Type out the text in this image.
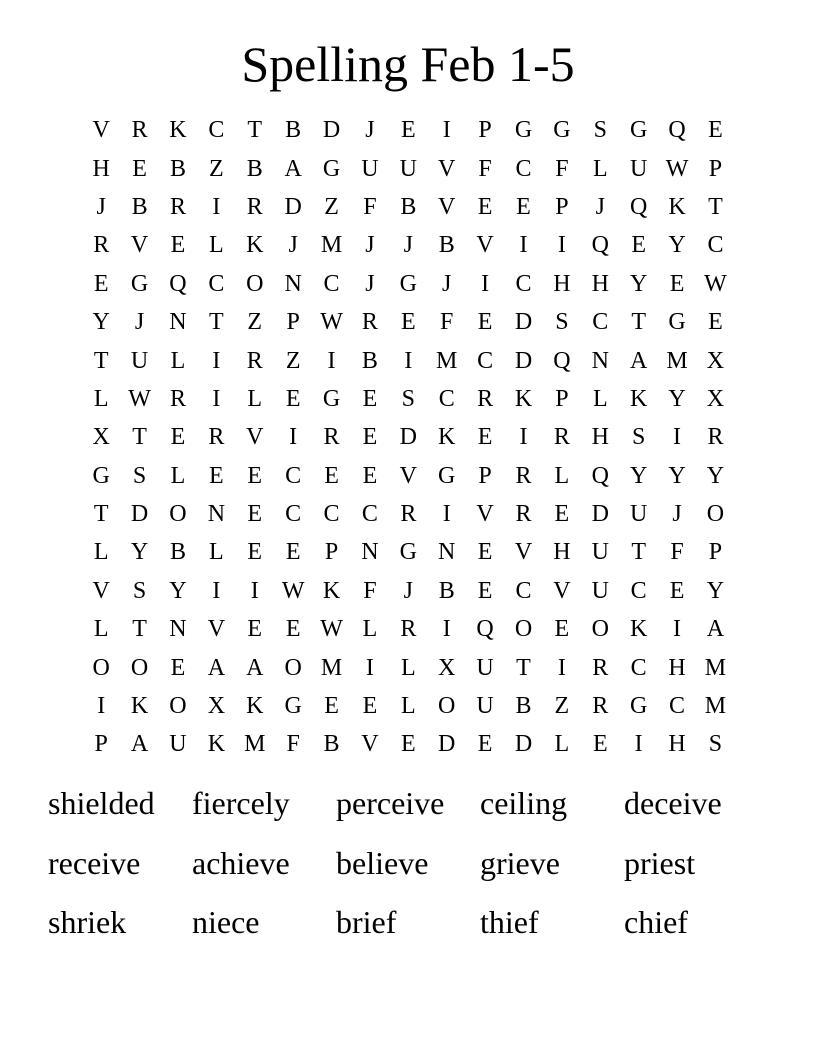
Spelling Feb 1-5
V R K C T B D	J	E	I	P G G S G Q E
H E B Z B A G U U V F C F	L U W P
J	B R	I	R D Z	F B V E E	P	J	Q K T
R V E L K	J M J	J	B V	I	I	Q E Y C
E G Q C O N C	J	G	J	I	C H H Y E W
Y	J	N T Z	P W R E	F	E D S C T G E
T U L	I	R Z	I	B	I M C D Q N A M X
L W R	I	L E G E	S C R K P	L K Y X
X T E R V	I	R E D K E	I	R H S	I	R
G S	L E E C E E V G P R L Q Y Y Y
T D O N E C C C R	I	V R E D U	J	O
L Y B L E E	P N G N E V H U T	F	P
V S Y	I	I W K F	J	B E C V U C E Y
L T N V E E W L R	I	Q O E O K	I	A
O O E A A O M I	L X U T	I	R C H M
I	K O X K G E E L O U B Z R G C M
P A U K M F B V E D E D L E	I	H S
shielded	fiercely	perceive	ceiling	deceive
receive	achieve	believe	grieve	priest
shriek	niece	brief	thief	chief
